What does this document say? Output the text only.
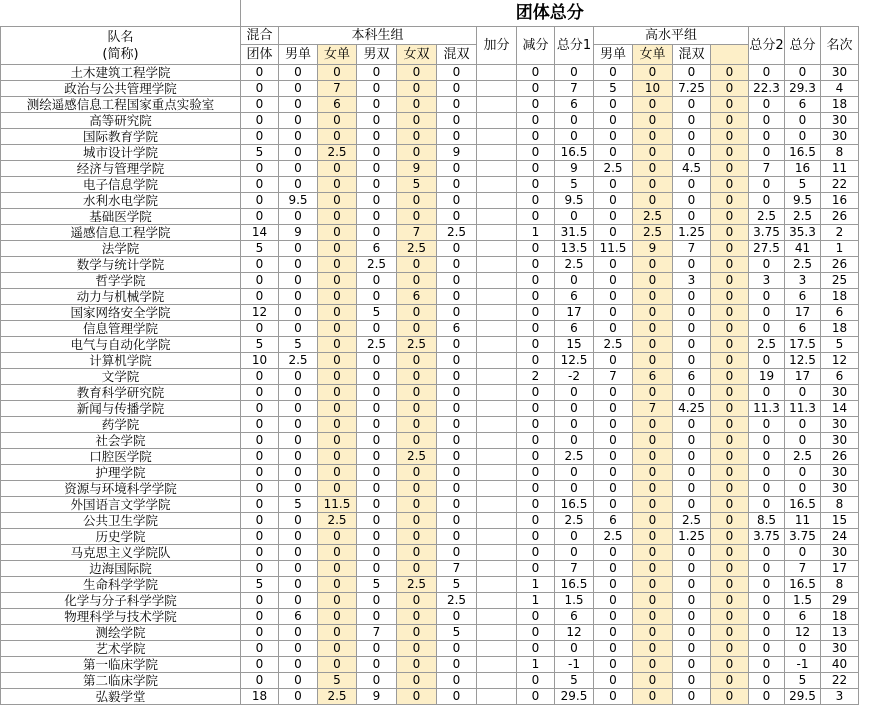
	团体总分															

队名
(简称)	混合	本科生组					加分	减分	总分1	高水平组				总分2	总分	名次
	团体	男单	女单	男双	女双	混双				男单	女单	混双				
土木建筑工程学院	0	0	0	0	0	0		0	0	0	0	0	0	0	0	30
政治与公共管理学院	0	0	7	0	0	0		0	7	5	10	7.25	0	22.3	29.3	4
测绘遥感信息工程国家重点实验室	0	0	6	0	0	0		0	6	0	0	0	0	0	6	18
高等研究院	0	0	0	0	0	0		0	0	0	0	0	0	0	0	30
国际教育学院	0	0	0	0	0	0		0	0	0	0	0	0	0	0	30
城市设计学院	5	0	2.5	0	0	9		0	16.5	0	0	0	0	0	16.5	8
经济与管理学院	0	0	0	0	9	0		0	9	2.5	0	4.5	0	7	16	11
电子信息学院	0	0	0	0	5	0		0	5	0	0	0	0	0	5	22
水利水电学院	0	9.5	0	0	0	0		0	9.5	0	0	0	0	0	9.5	16
基础医学院	0	0	0	0	0	0		0	0	0	2.5	0	0	2.5	2.5	26
遥感信息工程学院	14	9	0	0	7	2.5		1	31.5	0	2.5	1.25	0	3.75	35.3	2
法学院	5	0	0	6	2.5	0		0	13.5	11.5	9	7	0	27.5	41	1
数学与统计学院	0	0	0	2.5	0	0		0	2.5	0	0	0	0	0	2.5	26
哲学学院	0	0	0	0	0	0		0	0	0	0	3	0	3	3	25
动力与机械学院	0	0	0	0	6	0		0	6	0	0	0	0	0	6	18
国家网络安全学院	12	0	0	5	0	0		0	17	0	0	0	0	0	17	6
信息管理学院	0	0	0	0	0	6		0	6	0	0	0	0	0	6	18
电气与自动化学院	5	5	0	2.5	2.5	0		0	15	2.5	0	0	0	2.5	17.5	5
计算机学院	10	2.5	0	0	0	0		0	12.5	0	0	0	0	0	12.5	12
文学院	0	0	0	0	0	0		2	-2	7	6	6	0	19	17	6
教育科学研究院	0	0	0	0	0	0		0	0	0	0	0	0	0	0	30
新闻与传播学院	0	0	0	0	0	0		0	0	0	7	4.25	0	11.3	11.3	14
药学院	0	0	0	0	0	0		0	0	0	0	0	0	0	0	30
社会学院	0	0	0	0	0	0		0	0	0	0	0	0	0	0	30
口腔医学院	0	0	0	0	2.5	0		0	2.5	0	0	0	0	0	2.5	26
护理学院	0	0	0	0	0	0		0	0	0	0	0	0	0	0	30
资源与环境科学学院	0	0	0	0	0	0		0	0	0	0	0	0	0	0	30
外国语言文学学院	0	5	11.5	0	0	0		0	16.5	0	0	0	0	0	16.5	8
公共卫生学院	0	0	2.5	0	0	0		0	2.5	6	0	2.5	0	8.5	11	15
历史学院	0	0	0	0	0	0		0	0	2.5	0	1.25	0	3.75	3.75	24
马克思主义学院队	0	0	0	0	0	0		0	0	0	0	0	0	0	0	30
边海国际院	0	0	0	0	0	7		0	7	0	0	0	0	0	7	17
生命科学学院	5	0	0	5	2.5	5		1	16.5	0	0	0	0	0	16.5	8
化学与分子科学学院	0	0	0	0	0	2.5		1	1.5	0	0	0	0	0	1.5	29
物理科学与技术学院	0	6	0	0	0	0		0	6	0	0	0	0	0	6	18
测绘学院	0	0	0	7	0	5		0	12	0	0	0	0	0	12	13
艺术学院	0	0	0	0	0	0		0	0	0	0	0	0	0	0	30
第一临床学院	0	0	0	0	0	0		1	-1	0	0	0	0	0	-1	40
第二临床学院	0	0	5	0	0	0		0	5	0	0	0	0	0	5	22
弘毅学堂	18	0	2.5	9	0	0		0	29.5	0	0	0	0	0	29.5	3
